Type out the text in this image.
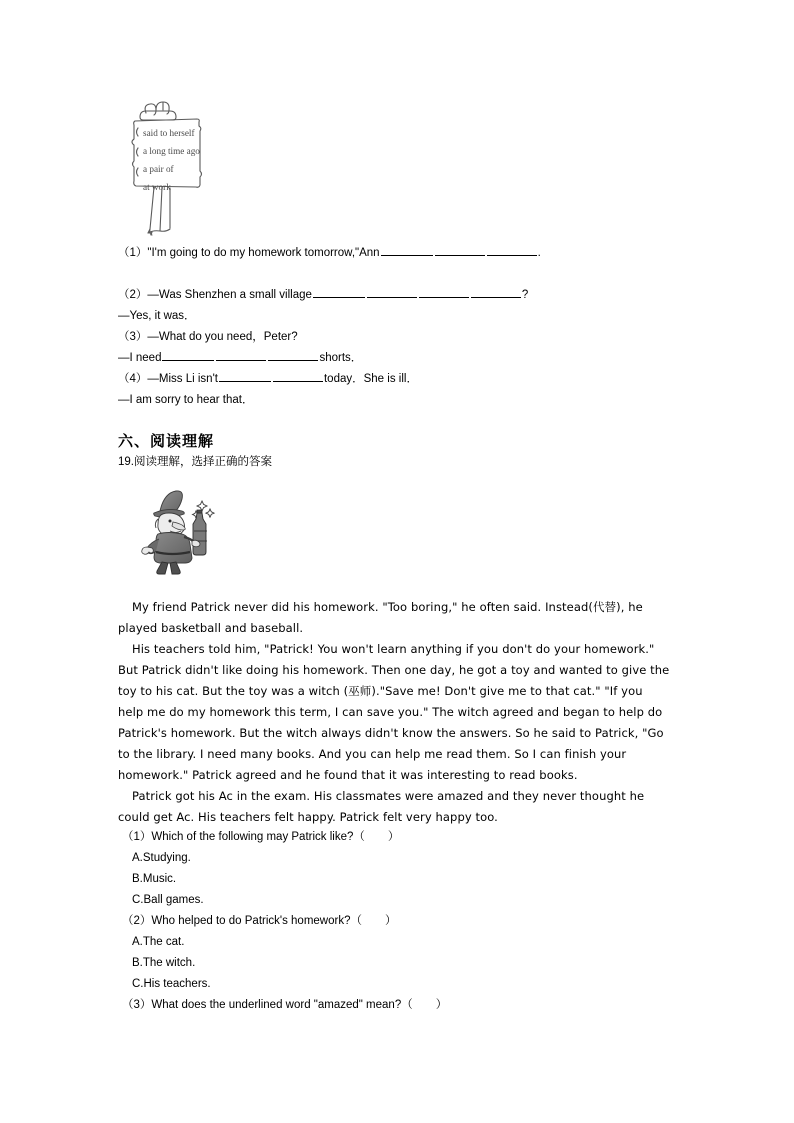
said to herself
a long time ago
a pair of
at work
（1）"I'm going to do my homework tomorrow,"Ann	.
（2）—Was Shenzhen a small village	?
—Yes, it was．
（3）—What do you need，Peter?
—I need	shorts．
（4）—Miss Li isn't	today．She is ill．
—I am sorry to hear that．
六、阅读理解
19.阅读理解，选择正确的答案

My friend Patrick never did his homework. "Too boring," he often said. Instead(代替), he played basketball and baseball.

His teachers told him, "Patrick! You won't learn anything if you don't do your homework." But Patrick didn't like doing his homework. Then one day, he got a toy and wanted to give the toy to his cat. But the toy was a witch (巫师)."Save me! Don't give me to that cat." "If you help me do my homework this term, I can save you." The witch agreed and began to help do Patrick's homework. But the witch always didn't know the answers. So he said to Patrick, "Go to the library. I need many books. And you can help me read them. So I can finish your homework." Patrick agreed and he found that it was interesting to read books.

Patrick got his Ac in the exam. His classmates were amazed and they never thought he could get Ac. His teachers felt happy. Patrick felt very happy too.

（1）Which of the following may Patrick like?（　　）
A.Studying.
B.Music.
C.Ball games.
（2）Who helped to do Patrick's homework?（　　）
A.The cat.
B.The witch.
C.His teachers.
（3）What does the underlined word "amazed" mean?（　　）
